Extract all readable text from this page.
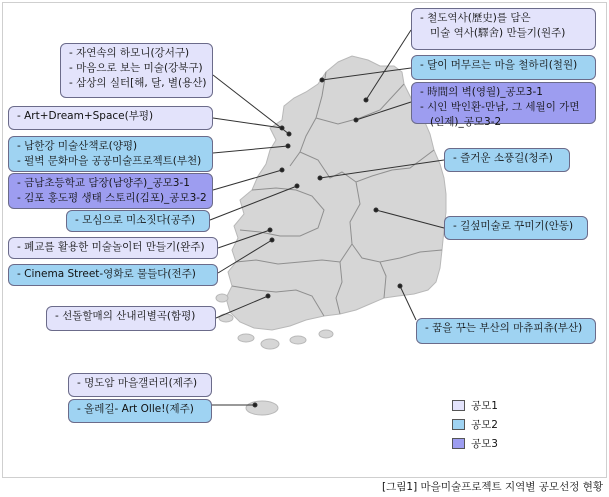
- 자연속의 하모니(강서구)
- 마음으로 보는 미술(강북구)
- 삼상의 실터[해, 달, 별(용산)
- Art+Dream+Space(부평)
- 남한강 미술산책로(양평)
- 펄벽 문화마을 공공미술프로젝트(부천)
- 금남초등학교 담장(남양주)_공모3-1
- 김포 홍도평 생태 스토리(김포)_공모3-2
- 모심으로 미소짓다(공주)
- 폐교를 활용한 미술놀이터 만들기(완주)
- Cinema Street-영화로 물들다(전주)
- 선돌할매의 산내리별곡(함평)
- 명도암 마을갤러리(제주)
- 올레길- Art Olle!(제주)
- 철도역사(歷史)를 담은
미술 역사(驛舍) 만들기(원주)
- 달이 머무르는 마을 철하리(철원)
- 時間의 벽(영월)_공모3-1
- 시인 박인환-만남, 그 세월이 가면
(인제)_공모3-2
- 즐거운 소풍길(청주)
- 길섶미술로 꾸미기(안동)
- 꿈을 꾸는 부산의 마츄피츄(부산)
공모1
공모2
공모3
[그림1] 마을미술프로젝트 지역별 공모선정 현황
